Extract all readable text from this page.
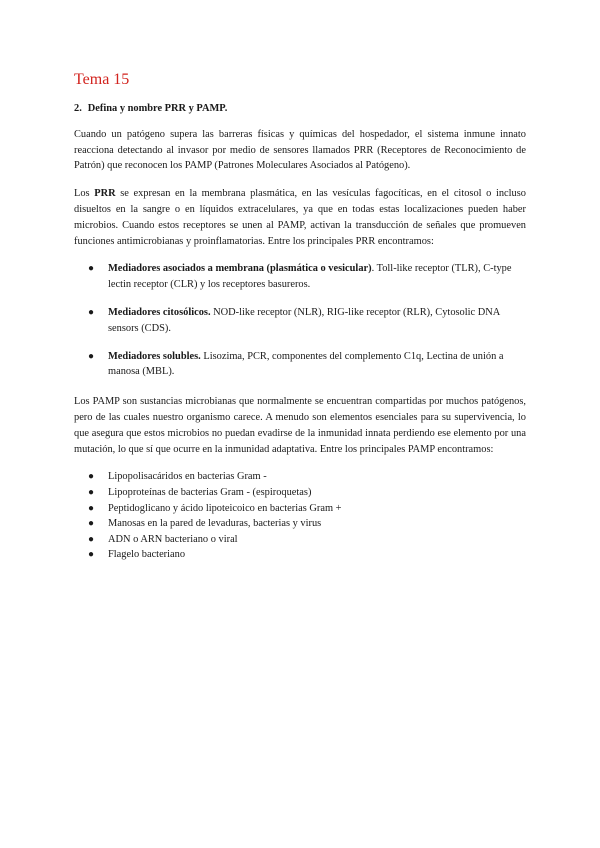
Tema 15
2. Defina y nombre PRR y PAMP.

Cuando un patógeno supera las barreras físicas y químicas del hospedador, el sistema inmune innato reacciona detectando al invasor por medio de sensores llamados PRR (Receptores de Reconocimiento de Patrón) que reconocen los PAMP (Patrones Moleculares Asociados al Patógeno).

Los PRR se expresan en la membrana plasmática, en las vesículas fagocíticas, en el citosol o incluso disueltos en la sangre o en líquidos extracelulares, ya que en todas estas localizaciones pueden haber microbios. Cuando estos receptores se unen al PAMP, activan la transducción de señales que promueven funciones antimicrobianas y proinflamatorias. Entre los principales PRR encontramos:

● Mediadores asociados a membrana (plasmática o vesicular). Toll-like receptor (TLR), C-type lectin receptor (CLR) y los receptores basureros.
● Mediadores citosólicos. NOD-like receptor (NLR), RIG-like receptor (RLR), Cytosolic DNA sensors (CDS).
● Mediadores solubles. Lisozima, PCR, componentes del complemento C1q, Lectina de unión a manosa (MBL).

Los PAMP son sustancias microbianas que normalmente se encuentran compartidas por muchos patógenos, pero de las cuales nuestro organismo carece. A menudo son elementos esenciales para su supervivencia, lo que asegura que estos microbios no puedan evadirse de la inmunidad innata perdiendo ese elemento por una mutación, lo que sí que ocurre en la inmunidad adaptativa. Entre los principales PAMP encontramos:

● Lipopolisacáridos en bacterias Gram -
● Lipoproteínas de bacterias Gram - (espiroquetas)
● Peptidoglicano y ácido lipoteicoico en bacterias Gram +
● Manosas en la pared de levaduras, bacterias y virus
● ADN o ARN bacteriano o viral
● Flagelo bacteriano
